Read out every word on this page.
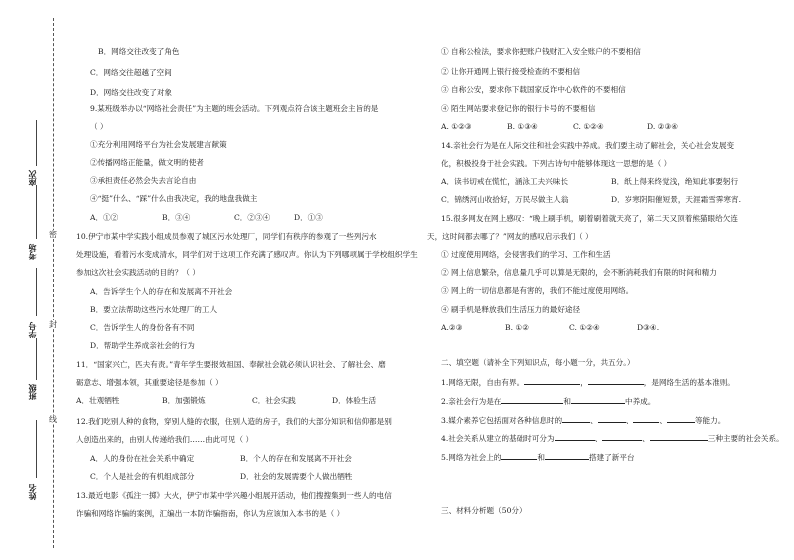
密
封
线
姓名
班级
学号
考场
座次
B．网络交往改变了角色
C．网络交往超越了空间
D．网络交往改变了对象
9.某班级举办以“网络社会责任”为主题的班会活动。下列观点符合该主题班会主旨的是
（ ）
①充分利用网络平台为社会发展建言献策
②传播网络正能量，做文明的使者
③承担责任必然会失去言论自由
④“挺”什么、“踩”什么由我决定，我的地盘我做主
A．①②	B．③④	C．②③④	D．①③
10.伊宁市某中学实践小组成员参观了城区污水处理厂，同学们有秩序的参观了一些列污水
处理设施，看着污水变成清水，同学们对于这项工作充满了感叹声。你认为下列哪项属于学校组织学生
参加这次社会实践活动的目的？（ ）
A．告诉学生个人的存在和发展离不开社会
B．要立法帮助这些污水处理厂的工人
C．告诉学生人的身份各有不同
D．帮助学生养成亲社会的行为
11．“国家兴亡，匹夫有责。”青年学生要报效祖国、奉献社会就必须认识社会、了解社会、磨
砺意志、增强本领，其重要途径是参加（ ）
A．壮观牺牲	B．加强锻炼	C．社会实践	D．体验生活
12.我们吃别人种的食物，穿别人缝的衣服，住别人造的房子，我们的大部分知识和信仰都是别
人创造出来的，由别人传递给我们……由此可见（ ）
A．人的身份在社会关系中确定	B．个人的存在和发展离不开社会
C．个人是社会的有机组成部分	D．社会的发展需要个人做出牺牲
13.最近电影《孤注一掷》大火，伊宁市某中学兴趣小组展开活动，他们搜搜集到一些人的电信
诈骗和网络诈骗的案例，汇编出一本防诈骗指南，你认为应该加入本书的是（ ）
① 自称公检法，要求你把账户钱财汇入安全账户的不要相信
② 让你开通网上银行接受检查的不要相信
③ 自称公安，要求你下载国家反诈中心软件的不要相信
④ 陌生网站要求登记你的银行卡号的不要相信
A. ①②③	B. ①③④	C. ①②④	D. ②③④
14.亲社会行为是在人际交往和社会实践中养成。我们要主动了解社会，关心社会发展变
化，积极投身于社会实践。下列古诗句中能够体现这一思想的是（ ）
A．读书切戒在慌忙，涵泳工夫兴味长	B．纸上得来终觉浅，绝知此事要躬行
C．锦绣河山收拾好，万民尽做主人翁	D．岁寒阴阳催短景，天涯霜雪霁寒宵.
15.很多网友在网上感叹：“晚上刷手机，刷着刷着就天亮了，第二天又顶着熊猫眼给欠连
天，这时间都去哪了？”网友的感叹启示我们（ ）
① 过度使用网络，会侵害我们的学习、工作和生活
② 网上信息繁杂，信息量几乎可以算是无限的，会不断消耗我们有限的时间和精力
③ 网上的一切信息都是有害的，我们不能过度使用网络。
④ 刷手机是释放我们生活压力的最好途径
A.②③	B. ①②	C. ①②④	D③④.
二、填空题（请补全下列知识点，每小题一分，共五分。）
1.网络无限，自由有界。	，	，是网络生活的基本准则。
2.亲社会行为是在	和	中养成。
3.媒介素养它包括面对各种信息时的	、	、	、	等能力。
4.社会关系从建立的基础时可分为	、	、	三种主要的社会关系。
5.网络为社会上的	和	搭建了新平台
三、材料分析题（50分）
